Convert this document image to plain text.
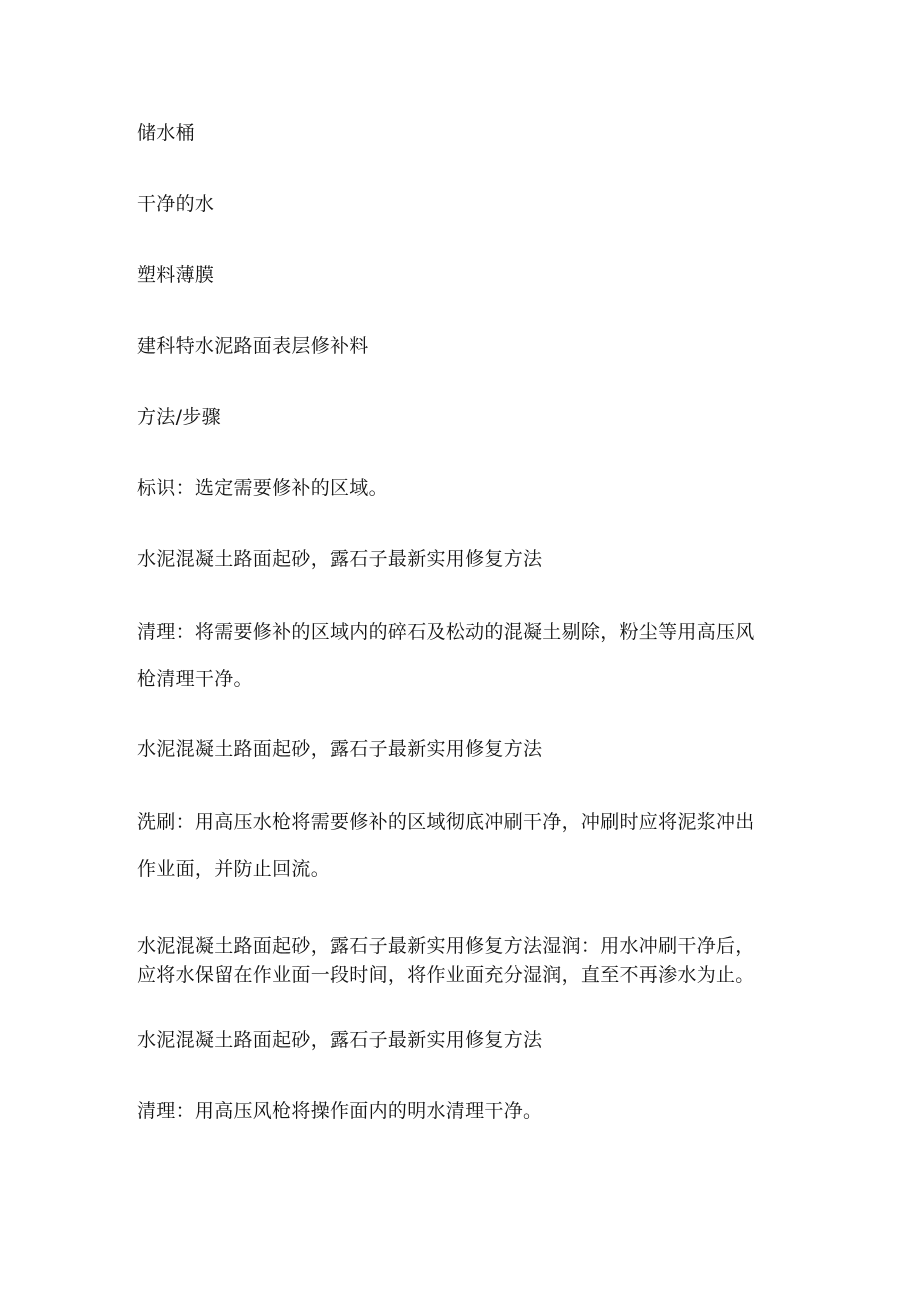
储水桶
干净的水
塑料薄膜
建科特水泥路面表层修补料
方法/步骤
标识：选定需要修补的区域。
水泥混凝土路面起砂，露石子最新实用修复方法
清理：将需要修补的区域内的碎石及松动的混凝土剔除，粉尘等用高压风
枪清理干净。
水泥混凝土路面起砂，露石子最新实用修复方法
洗刷：用高压水枪将需要修补的区域彻底冲刷干净，冲刷时应将泥浆冲出
作业面，并防止回流。
水泥混凝土路面起砂，露石子最新实用修复方法湿润：用水冲刷干净后，
应将水保留在作业面一段时间，将作业面充分湿润，直至不再渗水为止。
水泥混凝土路面起砂，露石子最新实用修复方法
清理：用高压风枪将操作面内的明水清理干净。
